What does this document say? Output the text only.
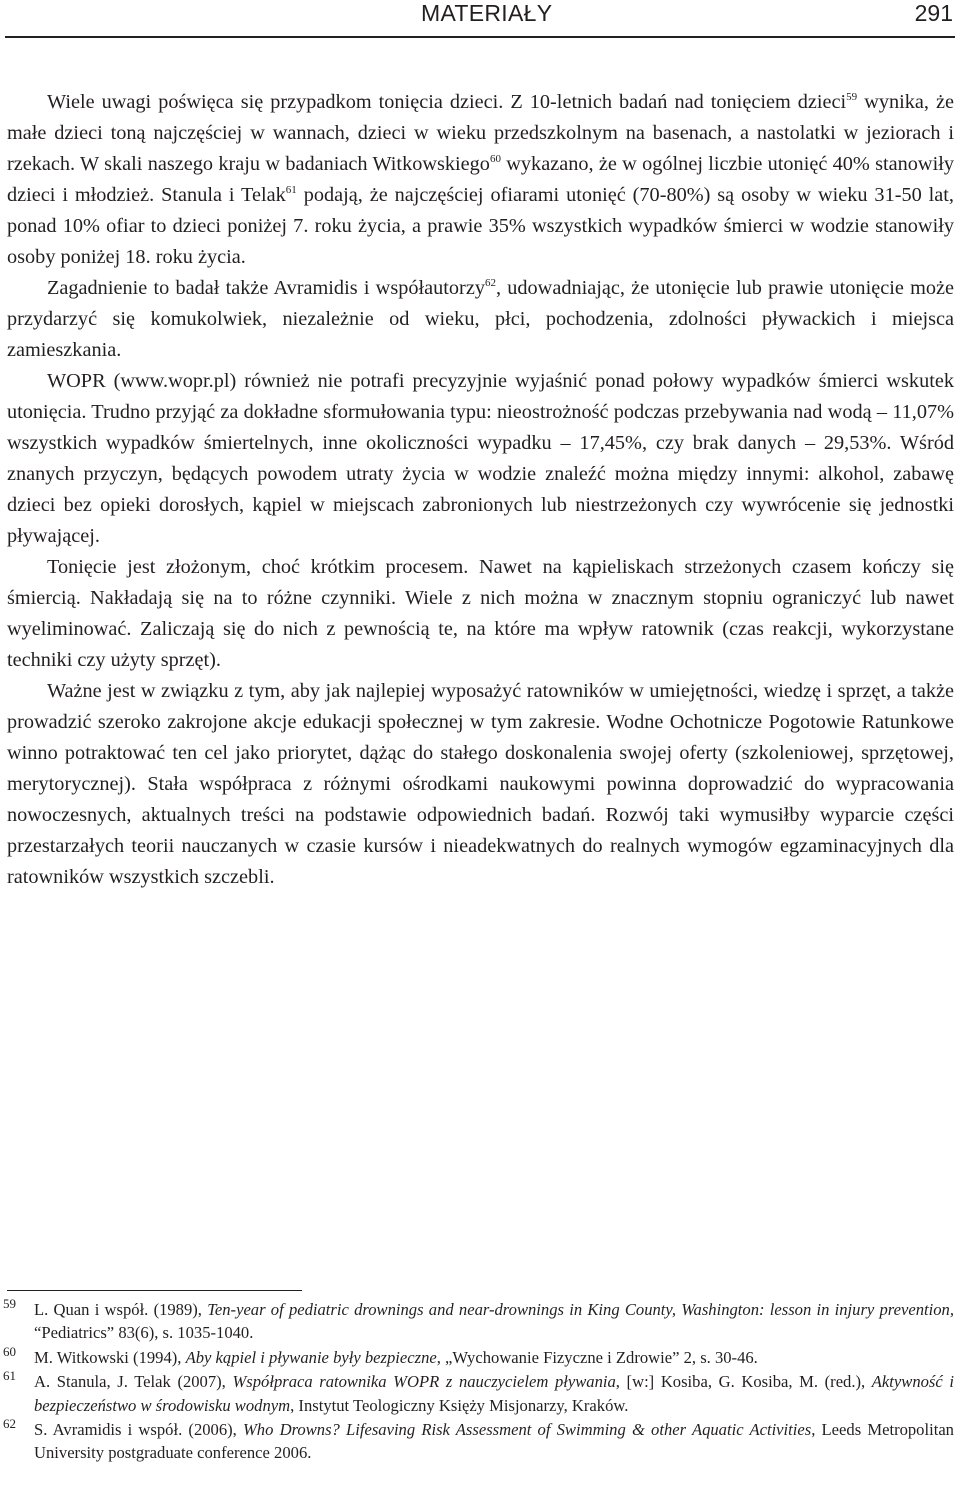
MATERIAŁY	291

Wiele uwagi poświęca się przypadkom tonięcia dzieci. Z 10-letnich badań nad tonięciem dzieci$^{59}$ wynika, że małe dzieci toną najczęściej w wannach, dzieci w wieku przedszkolnym na basenach, a nastolatki w jeziorach i rzekach. W skali naszego kraju w badaniach Witkowskiego$^{60}$ wykazano, że w ogólnej liczbie utonięć 40% stanowiły dzieci i młodzież. Stanula i Telak$^{61}$ podają, że najczęściej ofiarami utonięć (70-80%) są osoby w wieku 31-50 lat, ponad 10% ofiar to dzieci poniżej 7. roku życia, a prawie 35% wszystkich wypadków śmierci w wodzie stanowiły osoby poniżej 18. roku życia.

Zagadnienie to badał także Avramidis i współautorzy$^{62}$, udowadniając, że utonięcie lub prawie utonięcie może przydarzyć się komukolwiek, niezależnie od wieku, płci, pochodzenia, zdolności pływackich i miejsca zamieszkania.

WOPR (www.wopr.pl) również nie potrafi precyzyjnie wyjaśnić ponad połowy wypadków śmierci wskutek utonięcia. Trudno przyjąć za dokładne sformułowania typu: nieostrożność podczas przebywania nad wodą – 11,07% wszystkich wypadków śmiertelnych, inne okoliczności wypadku – 17,45%, czy brak danych – 29,53%. Wśród znanych przyczyn, będących powodem utraty życia w wodzie znaleźć można między innymi: alkohol, zabawę dzieci bez opieki dorosłych, kąpiel w miejscach zabronionych lub niestrzeżonych czy wywrócenie się jednostki pływającej.

Tonięcie jest złożonym, choć krótkim procesem. Nawet na kąpieliskach strzeżonych czasem kończy się śmiercią. Nakładają się na to różne czynniki. Wiele z nich można w znacznym stopniu ograniczyć lub nawet wyeliminować. Zaliczają się do nich z pewnością te, na które ma wpływ ratownik (czas reakcji, wykorzystane techniki czy użyty sprzęt).

Ważne jest w związku z tym, aby jak najlepiej wyposażyć ratowników w umiejętności, wiedzę i sprzęt, a także prowadzić szeroko zakrojone akcje edukacji społecznej w tym zakresie. Wodne Ochotnicze Pogotowie Ratunkowe winno potraktować ten cel jako priorytet, dążąc do stałego doskonalenia swojej oferty (szkoleniowej, sprzętowej, merytorycznej). Stała współpraca z różnymi ośrodkami naukowymi powinna doprowadzić do wypracowania nowoczesnych, aktualnych treści na podstawie odpowiednich badań. Rozwój taki wymusiłby wyparcie części przestarzałych teorii nauczanych w czasie kursów i nieadekwatnych do realnych wymogów egzaminacyjnych dla ratowników wszystkich szczebli.

59 L. Quan i współ. (1989), Ten-year of pediatric drownings and near-drownings in King County, Washington: lesson in injury prevention, “Pediatrics” 83(6), s. 1035-1040.
60 M. Witkowski (1994), Aby kąpiel i pływanie były bezpieczne, „Wychowanie Fizyczne i Zdrowie” 2, s. 30-46.
61 A. Stanula, J. Telak (2007), Współpraca ratownika WOPR z nauczycielem pływania, [w:] Kosiba, G. Kosiba, M. (red.), Aktywność i bezpieczeństwo w środowisku wodnym, Instytut Teologiczny Księży Misjonarzy, Kraków.
62 S. Avramidis i współ. (2006), Who Drowns? Lifesaving Risk Assessment of Swimming & other Aquatic Activities, Leeds Metropolitan University postgraduate conference 2006.
